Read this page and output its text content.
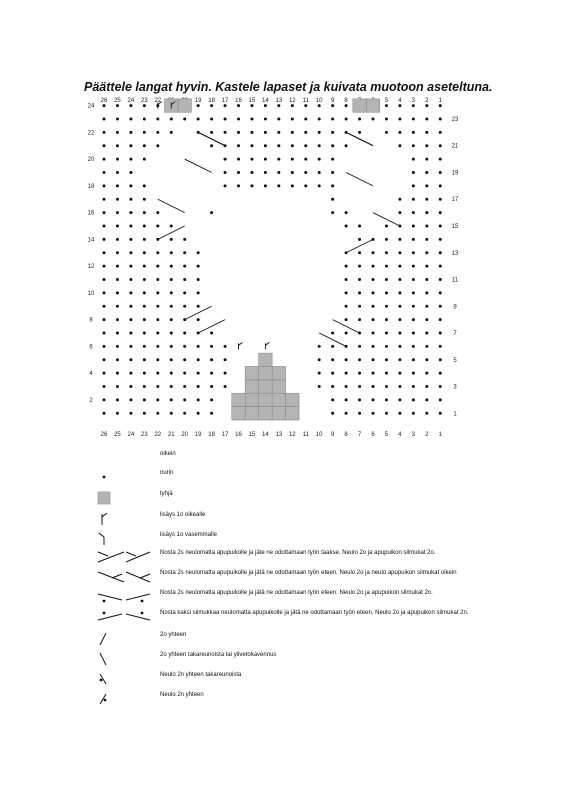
Päättele langat hyvin. Kastele lapaset ja kuivata muotoon aseteltuna.
26
26
25
25
24
24
23
23
22
22 21 20
19
19
18
18
17
17
16
16
15
15
14
14
13
13
12
12
11
11
10
10
9
9
8
8 7 6
5
5
4
4
3
3
2
2
1
1
24
22
20
18
16
14
12
10
8
6
4
2
23
21
19
17
15
13
11
9
7
5
3
1
oikein
nurin
tyhjä
lisäys 1o oikealle
lisäys 1o vasemmalle
Nosta 2s neulomatta apupuikolle ja jäte ne odottamaan työn taakse. Neulo 2o ja apupuikon silmukat 2o.
Nosta 2s neulomatta apupuikolle ja jätä ne odottamaan työn eteen. Neulo 2o ja neulo apupuikon silmukat oikein
Nosta 2s neulomatta apupuikolle ja jätä ne odottamaan työn eteen. Neulo 2o ja apupuikon silmukat 2n.
Nosta kaksi silmukkaa neulomatta apupuikolle ja jätä ne odottamaan työn eteen. Neulo 2o ja apupuikon silmukat 2n.
2o yhteen
2o yhteen takareunoista tai ylivetokavennus
Neulo 2n yhteen takareunoista
Neulo 2n yhteen
